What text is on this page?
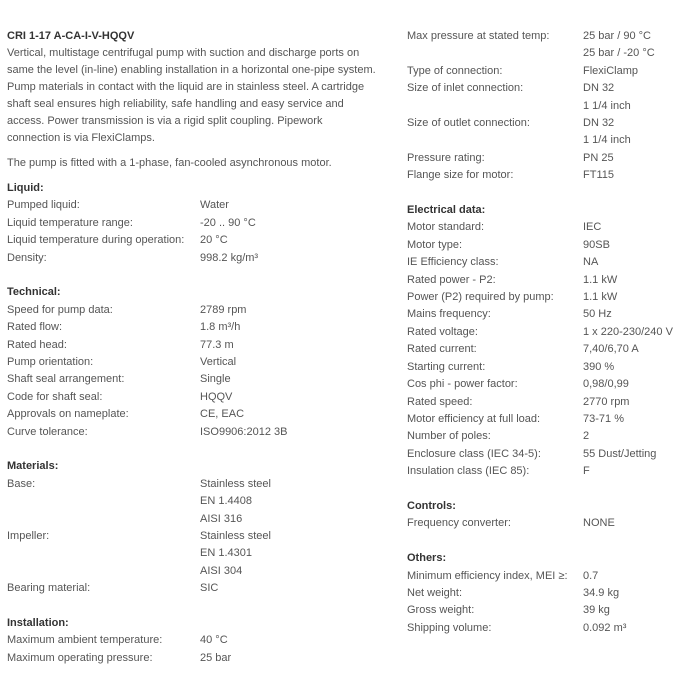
CRI 1-17 A-CA-I-V-HQQV
Vertical, multistage centrifugal pump with suction and discharge ports on
same the level (in-line) enabling installation in a horizontal one-pipe system.
Pump materials in contact with the liquid are in stainless steel. A cartridge
shaft seal ensures high reliability, safe handling and easy service and
access. Power transmission is via a rigid split coupling. Pipework
connection is via FlexiClamps.
The pump is fitted with a 1-phase, fan-cooled asynchronous motor.
Liquid:
Pumped liquid:	Water
Liquid temperature range:	-20 .. 90 °C
Liquid temperature during operation:	20 °C
Density:	998.2 kg/m³
Technical:
Speed for pump data:	2789 rpm
Rated flow:	1.8 m³/h
Rated head:	77.3 m
Pump orientation:	Vertical
Shaft seal arrangement:	Single
Code for shaft seal:	HQQV
Approvals on nameplate:	CE, EAC
Curve tolerance:	ISO9906:2012 3B
Materials:
Base:	Stainless steel
EN 1.4408
AISI 316
Impeller:	Stainless steel
EN 1.4301
AISI 304
Bearing material:	SIC
Installation:
Maximum ambient temperature:	40 °C
Maximum operating pressure:	25 bar
Max pressure at stated temp:	25 bar / 90 °C
25 bar / -20 °C
Type of connection:	FlexiClamp
Size of inlet connection:	DN 32
1 1/4 inch
Size of outlet connection:	DN 32
1 1/4 inch
Pressure rating:	PN 25
Flange size for motor:	FT115
Electrical data:
Motor standard:	IEC
Motor type:	90SB
IE Efficiency class:	NA
Rated power - P2:	1.1 kW
Power (P2) required by pump:	1.1 kW
Mains frequency:	50 Hz
Rated voltage:	1 x 220-230/240 V
Rated current:	7,40/6,70 A
Starting current:	390 %
Cos phi - power factor:	0,98/0,99
Rated speed:	2770 rpm
Motor efficiency at full load:	73-71 %
Number of poles:	2
Enclosure class (IEC 34-5):	55 Dust/Jetting
Insulation class (IEC 85):	F
Controls:
Frequency converter:	NONE
Others:
Minimum efficiency index, MEI ≥:	0.7
Net weight:	34.9 kg
Gross weight:	39 kg
Shipping volume:	0.092 m³
